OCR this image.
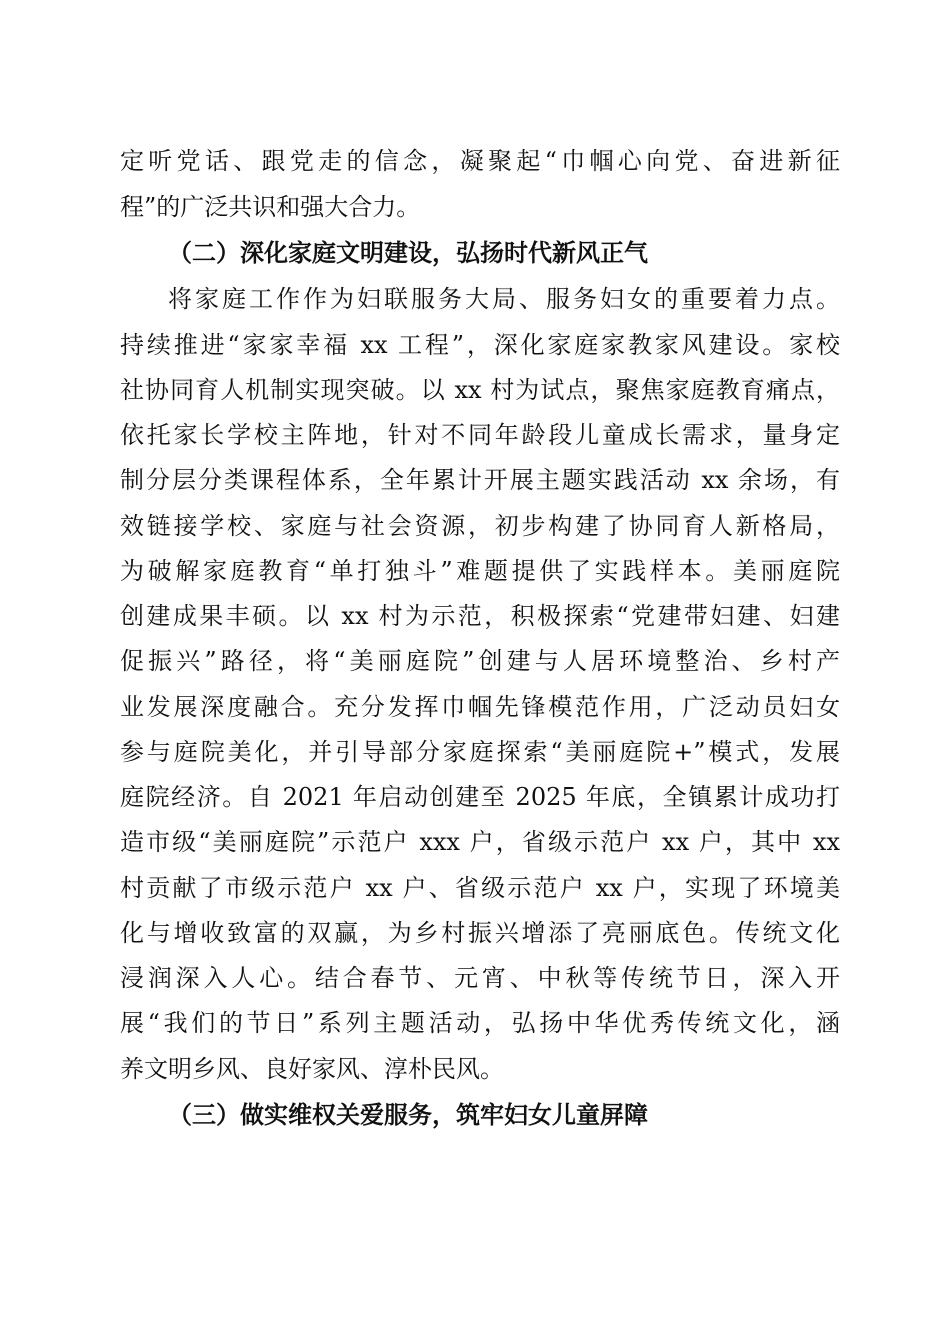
定听党话、跟党走的信念，凝聚起“巾帼心向党、奋进新征

程”的广泛共识和强大合力。

（二）深化家庭文明建设，弘扬时代新风正气

将家庭工作作为妇联服务大局、服务妇女的重要着力点。

持续推进“家家幸福 xx 工程”，深化家庭家教家风建设。家校

社协同育人机制实现突破。以 xx 村为试点，聚焦家庭教育痛点，

依托家长学校主阵地，针对不同年龄段儿童成长需求，量身定

制分层分类课程体系，全年累计开展主题实践活动 xx 余场，有

效链接学校、家庭与社会资源，初步构建了协同育人新格局，

为破解家庭教育“单打独斗”难题提供了实践样本。美丽庭院

创建成果丰硕。以 xx 村为示范，积极探索“党建带妇建、妇建

促振兴”路径，将“美丽庭院”创建与人居环境整治、乡村产

业发展深度融合。充分发挥巾帼先锋模范作用，广泛动员妇女

参与庭院美化，并引导部分家庭探索“美丽庭院+”模式，发展

庭院经济。自 2021 年启动创建至 2025 年底，全镇累计成功打

造市级“美丽庭院”示范户 xxx 户，省级示范户 xx 户，其中 xx

村贡献了市级示范户 xx 户、省级示范户 xx 户，实现了环境美

化与增收致富的双赢，为乡村振兴增添了亮丽底色。传统文化

浸润深入人心。结合春节、元宵、中秋等传统节日，深入开

展“我们的节日”系列主题活动，弘扬中华优秀传统文化，涵

养文明乡风、良好家风、淳朴民风。

（三）做实维权关爱服务，筑牢妇女儿童屏障
